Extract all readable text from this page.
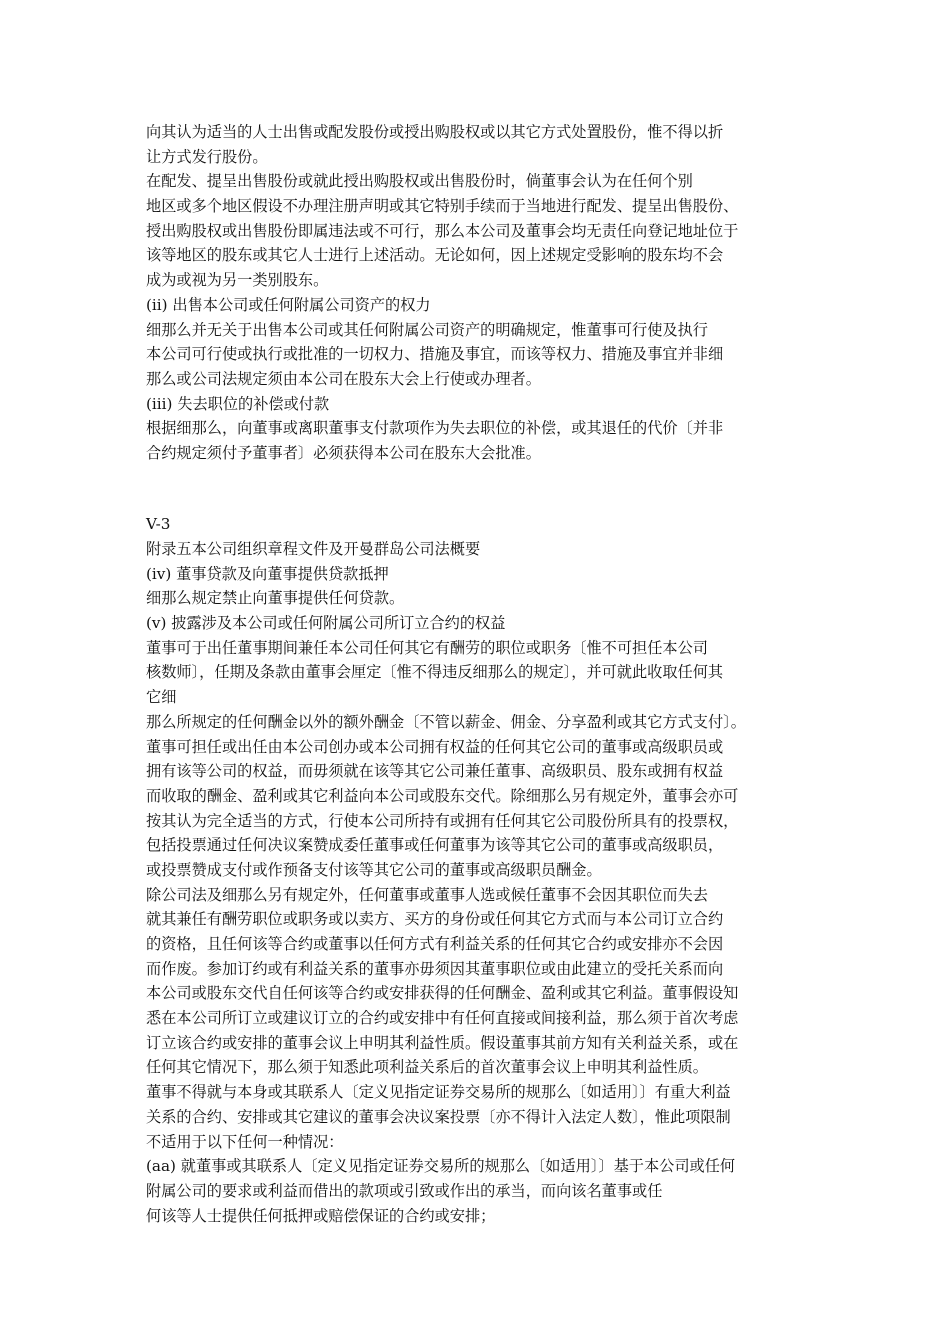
向其认为适当的人士出售或配发股份或授出购股权或以其它方式处置股份，惟不得以折
让方式发行股份。
在配发、提呈出售股份或就此授出购股权或出售股份时，倘董事会认为在任何个别
地区或多个地区假设不办理注册声明或其它特别手续而于当地进行配发、提呈出售股份、
授出购股权或出售股份即属违法或不可行，那么本公司及董事会均无责任向登记地址位于
该等地区的股东或其它人士进行上述活动。无论如何，因上述规定受影响的股东均不会
成为或视为另一类别股东。
(ii) 出售本公司或任何附属公司资产的权力
细那么并无关于出售本公司或其任何附属公司资产的明确规定，惟董事可行使及执行
本公司可行使或执行或批准的一切权力、措施及事宜，而该等权力、措施及事宜并非细
那么或公司法规定须由本公司在股东大会上行使或办理者。
(iii) 失去职位的补偿或付款
根据细那么，向董事或离职董事支付款项作为失去职位的补偿，或其退任的代价〔并非
合约规定须付予董事者〕必须获得本公司在股东大会批准。
V-3
附录五本公司组织章程文件及开曼群岛公司法概要
(iv) 董事贷款及向董事提供贷款抵押
细那么规定禁止向董事提供任何贷款。
(v) 披露涉及本公司或任何附属公司所订立合约的权益
董事可于出任董事期间兼任本公司任何其它有酬劳的职位或职务〔惟不可担任本公司
核数师〕，任期及条款由董事会厘定〔惟不得违反细那么的规定〕，并可就此收取任何其
它细
那么所规定的任何酬金以外的额外酬金〔不管以薪金、佣金、分享盈利或其它方式支付〕。
董事可担任或出任由本公司创办或本公司拥有权益的任何其它公司的董事或高级职员或
拥有该等公司的权益，而毋须就在该等其它公司兼任董事、高级职员、股东或拥有权益
而收取的酬金、盈利或其它利益向本公司或股东交代。除细那么另有规定外，董事会亦可
按其认为完全适当的方式，行使本公司所持有或拥有任何其它公司股份所具有的投票权，
包括投票通过任何决议案赞成委任董事或任何董事为该等其它公司的董事或高级职员，
或投票赞成支付或作预备支付该等其它公司的董事或高级职员酬金。
除公司法及细那么另有规定外，任何董事或董事人选或候任董事不会因其职位而失去
就其兼任有酬劳职位或职务或以卖方、买方的身份或任何其它方式而与本公司订立合约
的资格，且任何该等合约或董事以任何方式有利益关系的任何其它合约或安排亦不会因
而作废。参加订约或有利益关系的董事亦毋须因其董事职位或由此建立的受托关系而向
本公司或股东交代自任何该等合约或安排获得的任何酬金、盈利或其它利益。董事假设知
悉在本公司所订立或建议订立的合约或安排中有任何直接或间接利益，那么须于首次考虑
订立该合约或安排的董事会议上申明其利益性质。假设董事其前方知有关利益关系，或在
任何其它情况下，那么须于知悉此项利益关系后的首次董事会议上申明其利益性质。
董事不得就与本身或其联系人〔定义见指定证券交易所的规那么〔如适用〕〕有重大利益
关系的合约、安排或其它建议的董事会决议案投票〔亦不得计入法定人数〕，惟此项限制
不适用于以下任何一种情况：
(aa) 就董事或其联系人〔定义见指定证券交易所的规那么〔如适用〕〕基于本公司或任何
附属公司的要求或利益而借出的款项或引致或作出的承当，而向该名董事或任
何该等人士提供任何抵押或赔偿保证的合约或安排；
